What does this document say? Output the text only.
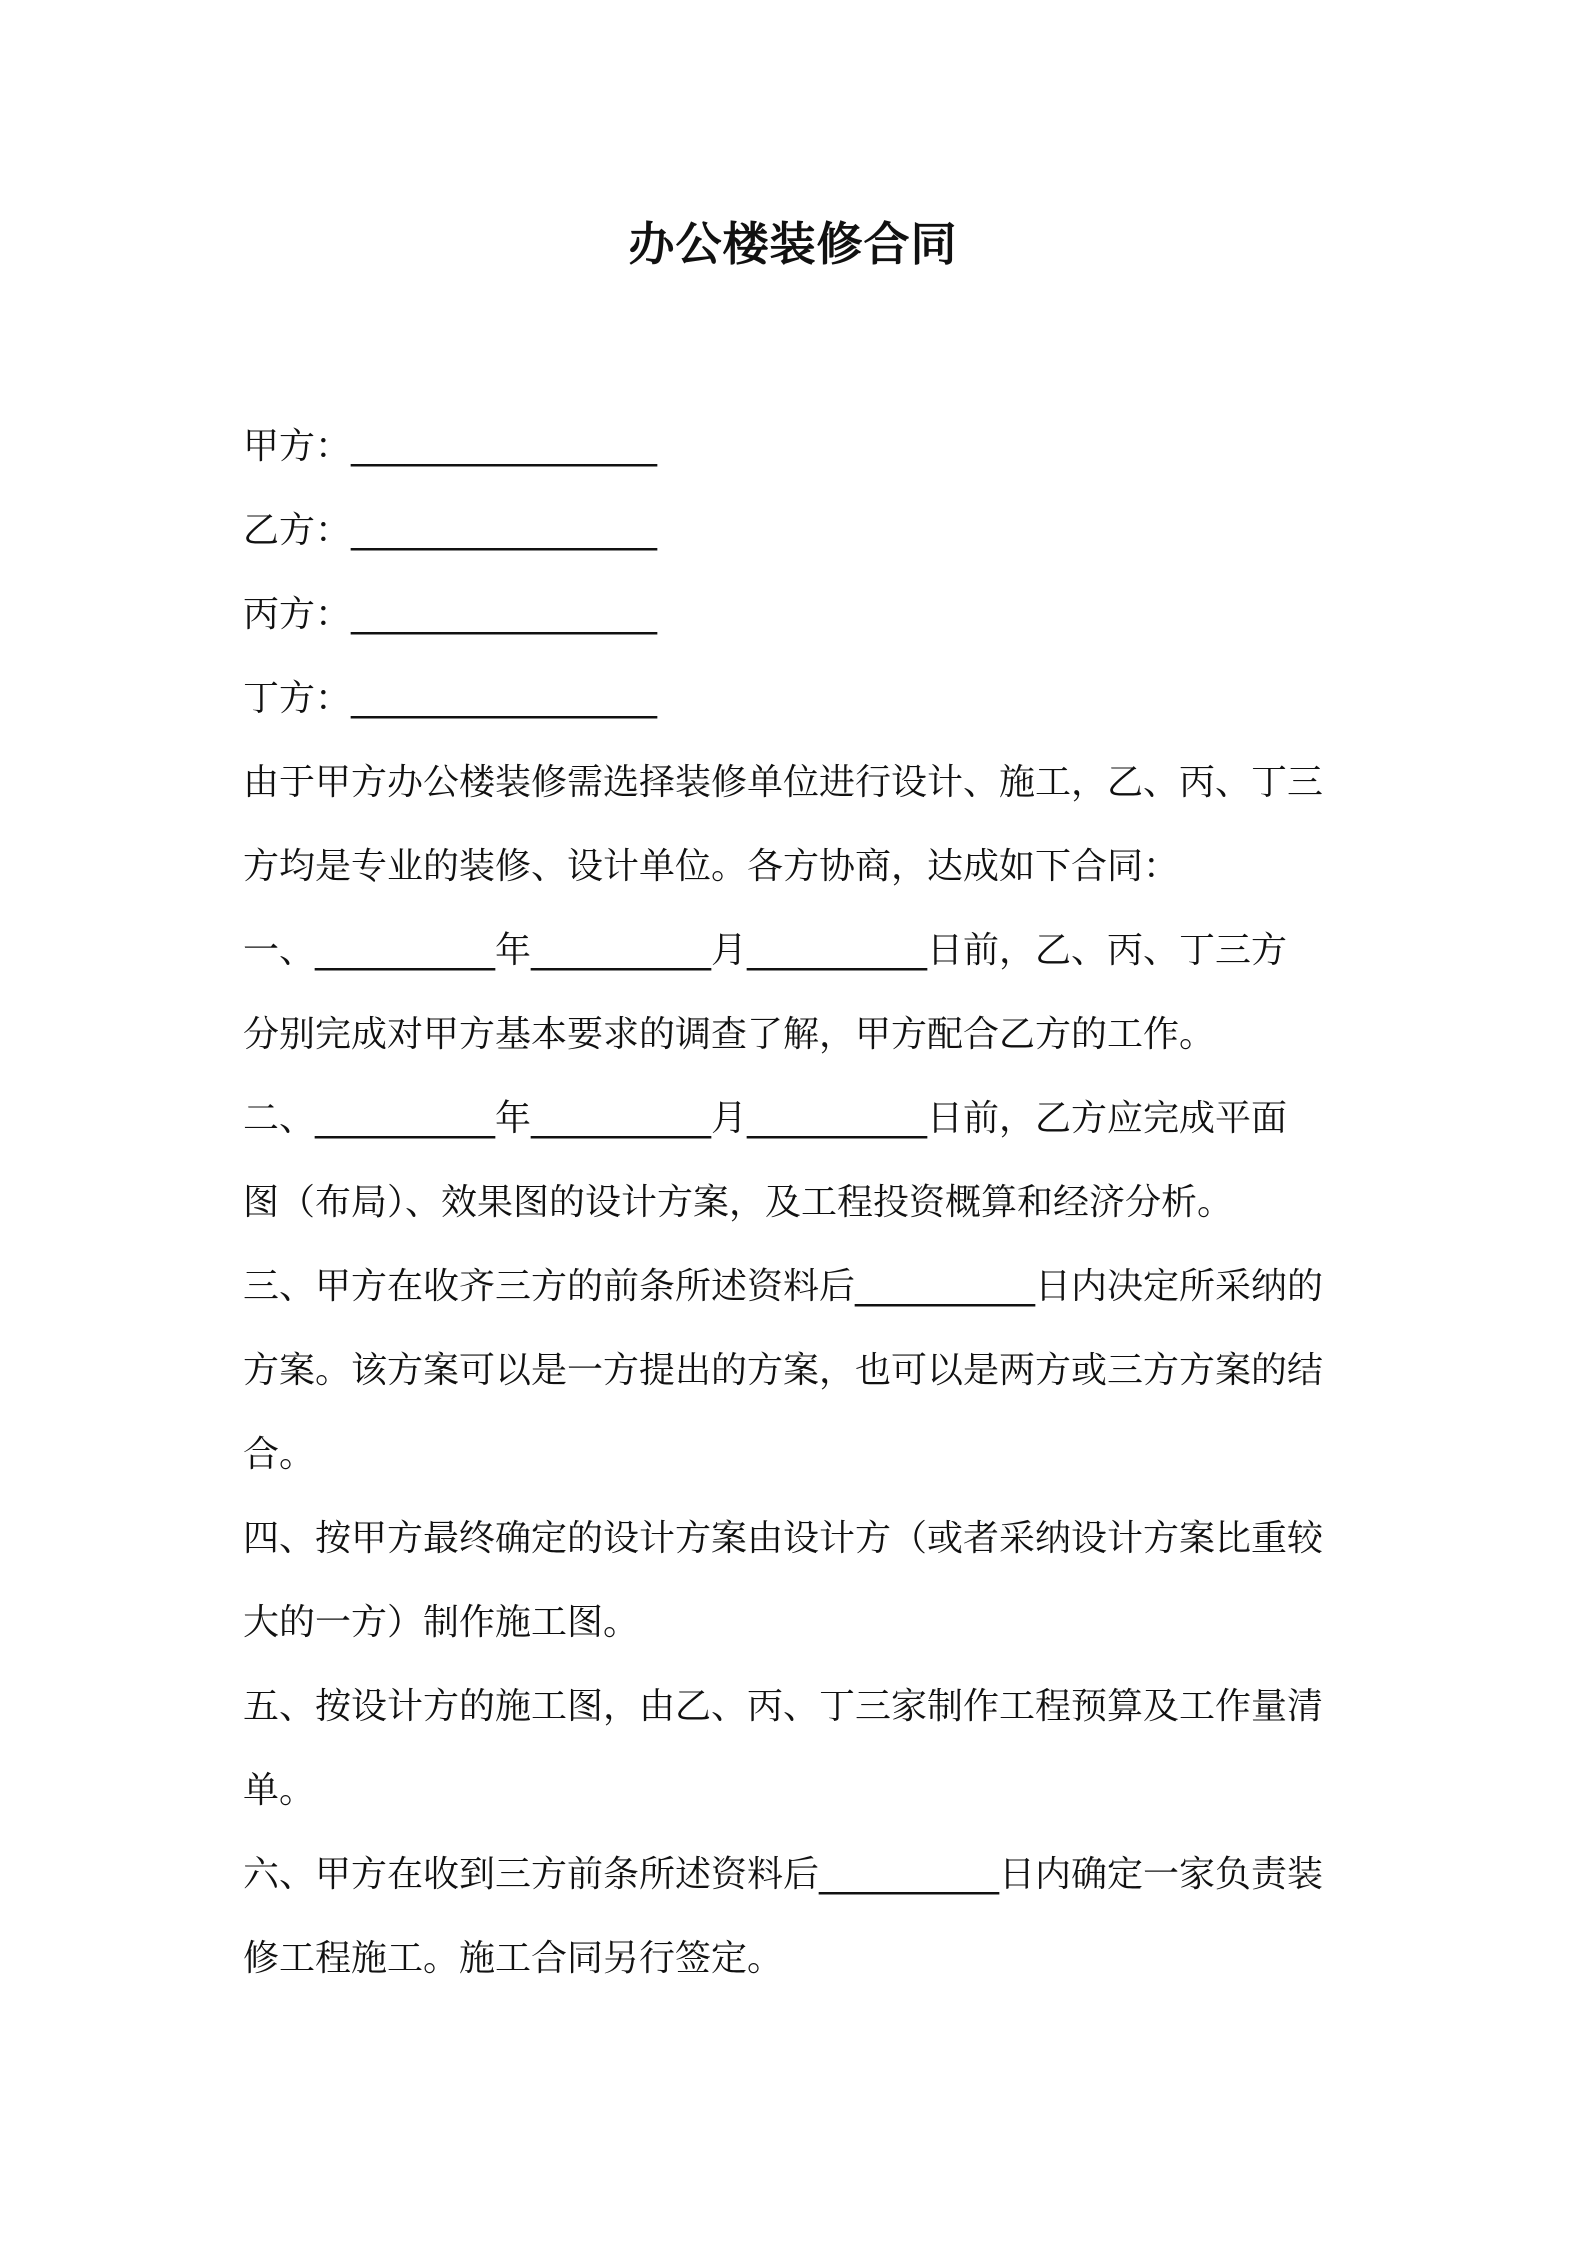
办公楼装修合同

甲方：_________________

乙方：_________________

丙方：_________________

丁方：_________________

由于甲方办公楼装修需选择装修单位进行设计、施工，乙、丙、丁三

方均是专业的装修、设计单位。各方协商，达成如下合同：

一、__________年__________月__________日前，乙、丙、丁三方

分别完成对甲方基本要求的调查了解，甲方配合乙方的工作。

二、__________年__________月__________日前，乙方应完成平面

图（布局）、效果图的设计方案，及工程投资概算和经济分析。

三、甲方在收齐三方的前条所述资料后__________日内决定所采纳的

方案。该方案可以是一方提出的方案，也可以是两方或三方方案的结

合。

四、按甲方最终确定的设计方案由设计方（或者采纳设计方案比重较

大的一方）制作施工图。

五、按设计方的施工图，由乙、丙、丁三家制作工程预算及工作量清

单。

六、甲方在收到三方前条所述资料后__________日内确定一家负责装

修工程施工。施工合同另行签定。
